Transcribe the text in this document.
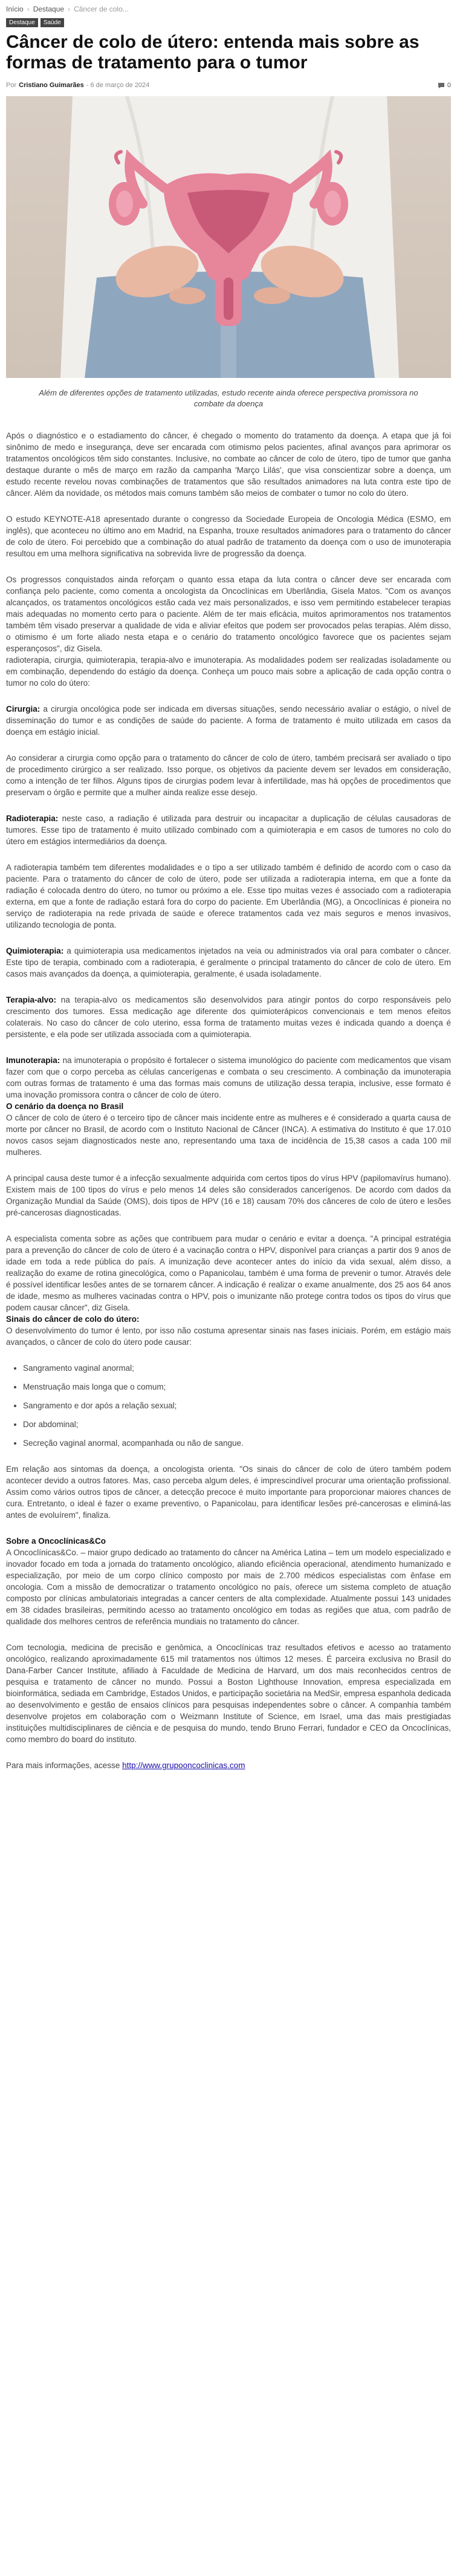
Início › Destaque › Câncer de colo...
Destaque	Saúde
Câncer de colo de útero: entenda mais sobre as formas de tratamento para o tumor
Por Cristiano Guimarães - 6 de março de 2024	0
Além de diferentes opções de tratamento utilizadas, estudo recente ainda oferece perspectiva promissora no combate da doença

Após o diagnóstico e o estadiamento do câncer, é chegado o momento do tratamento da doença. A etapa que já foi sinônimo de medo e insegurança, deve ser encarada com otimismo pelos pacientes, afinal avanços para aprimorar os tratamentos oncológicos têm sido constantes. Inclusive, no combate ao câncer de colo de útero, tipo de tumor que ganha destaque durante o mês de março em razão da campanha 'Março Lilás', que visa conscientizar sobre a doença, um estudo recente revelou novas combinações de tratamentos que são resultados animadores na luta contra este tipo de câncer. Além da novidade, os métodos mais comuns também são meios de combater o tumor no colo do útero.

O estudo KEYNOTE-A18 apresentado durante o congresso da Sociedade Europeia de Oncologia Médica (ESMO, em inglês), que aconteceu no último ano em Madrid, na Espanha, trouxe resultados animadores para o tratamento do câncer de colo de útero. Foi percebido que a combinação do atual padrão de tratamento da doença com o uso de imunoterapia resultou em uma melhora significativa na sobrevida livre de progressão da doença.

Os progressos conquistados ainda reforçam o quanto essa etapa da luta contra o câncer deve ser encarada com confiança pelo paciente, como comenta a oncologista da Oncoclínicas em Uberlândia, Gisela Matos. "Com os avanços alcançados, os tratamentos oncológicos estão cada vez mais personalizados, e isso vem permitindo estabelecer terapias mais adequadas no momento certo para o paciente. Além de ter mais eficácia, muitos aprimoramentos nos tratamentos também têm visado preservar a qualidade de vida e aliviar efeitos que podem ser provocados pelas terapias. Além disso, o otimismo é um forte aliado nesta etapa e o cenário do tratamento oncológico favorece que os pacientes sejam esperançosos", diz Gisela.
radioterapia, cirurgia, quimioterapia, terapia-alvo e imunoterapia. As modalidades podem ser realizadas isoladamente ou em combinação, dependendo do estágio da doença. Conheça um pouco mais sobre a aplicação de cada opção contra o tumor no colo do útero:

Cirurgia: a cirurgia oncológica pode ser indicada em diversas situações, sendo necessário avaliar o estágio, o nível de disseminação do tumor e as condições de saúde do paciente. A forma de tratamento é muito utilizada em casos da doença em estágio inicial.

Ao considerar a cirurgia como opção para o tratamento do câncer de colo de útero, também precisará ser avaliado o tipo de procedimento cirúrgico a ser realizado. Isso porque, os objetivos da paciente devem ser levados em consideração, como a intenção de ter filhos. Alguns tipos de cirurgias podem levar à infertilidade, mas há opções de procedimentos que preservam o órgão e permite que a mulher ainda realize esse desejo.

Radioterapia: neste caso, a radiação é utilizada para destruir ou incapacitar a duplicação de células causadoras de tumores. Esse tipo de tratamento é muito utilizado combinado com a quimioterapia e em casos de tumores no colo do útero em estágios intermediários da doença.

A radioterapia também tem diferentes modalidades e o tipo a ser utilizado também é definido de acordo com o caso da paciente. Para o tratamento do câncer de colo de útero, pode ser utilizada a radioterapia interna, em que a fonte da radiação é colocada dentro do útero, no tumor ou próximo a ele. Esse tipo muitas vezes é associado com a radioterapia externa, em que a fonte de radiação estará fora do corpo do paciente. Em Uberlândia (MG), a Oncoclínicas é pioneira no serviço de radioterapia na rede privada de saúde e oferece tratamentos cada vez mais seguros e menos invasivos, utilizando tecnologia de ponta.

Quimioterapia: a quimioterapia usa medicamentos injetados na veia ou administrados via oral para combater o câncer. Este tipo de terapia, combinado com a radioterapia, é geralmente o principal tratamento do câncer de colo de útero. Em casos mais avançados da doença, a quimioterapia, geralmente, é usada isoladamente.

Terapia-alvo: na terapia-alvo os medicamentos são desenvolvidos para atingir pontos do corpo responsáveis pelo crescimento dos tumores. Essa medicação age diferente dos quimioterápicos convencionais e tem menos efeitos colaterais. No caso do câncer de colo uterino, essa forma de tratamento muitas vezes é indicada quando a doença é persistente, e ela pode ser utilizada associada com a quimioterapia.

Imunoterapia: na imunoterapia o propósito é fortalecer o sistema imunológico do paciente com medicamentos que visam fazer com que o corpo perceba as células cancerígenas e combata o seu crescimento. A combinação da imunoterapia com outras formas de tratamento é uma das formas mais comuns de utilização dessa terapia, inclusive, esse formato é uma inovação promissora contra o câncer de colo de útero.

O cenário da doença no Brasil

O câncer de colo de útero é o terceiro tipo de câncer mais incidente entre as mulheres e é considerado a quarta causa de morte por câncer no Brasil, de acordo com o Instituto Nacional de Câncer (INCA). A estimativa do Instituto é que 17.010 novos casos sejam diagnosticados neste ano, representando uma taxa de incidência de 15,38 casos a cada 100 mil mulheres.

A principal causa deste tumor é a infecção sexualmente adquirida com certos tipos do vírus HPV (papilomavírus humano). Existem mais de 100 tipos do vírus e pelo menos 14 deles são considerados cancerígenos. De acordo com dados da Organização Mundial da Saúde (OMS), dois tipos de HPV (16 e 18) causam 70% dos cânceres de colo de útero e lesões pré-cancerosas diagnosticadas.

A especialista comenta sobre as ações que contribuem para mudar o cenário e evitar a doença. "A principal estratégia para a prevenção do câncer de colo de útero é a vacinação contra o HPV, disponível para crianças a partir dos 9 anos de idade em toda a rede pública do país. A imunização deve acontecer antes do início da vida sexual, além disso, a realização do exame de rotina ginecológica, como o Papanicolau, também é uma forma de prevenir o tumor. Através dele é possível identificar lesões antes de se tornarem câncer. A indicação é realizar o exame anualmente, dos 25 aos 64 anos de idade, mesmo as mulheres vacinadas contra o HPV, pois o imunizante não protege contra todos os tipos do vírus que podem causar câncer", diz Gisela.

Sinais do câncer de colo do útero:

O desenvolvimento do tumor é lento, por isso não costuma apresentar sinais nas fases iniciais. Porém, em estágio mais avançados, o câncer de colo do útero pode causar:

• Sangramento vaginal anormal;
• Menstruação mais longa que o comum;
• Sangramento e dor após a relação sexual;
• Dor abdominal;
• Secreção vaginal anormal, acompanhada ou não de sangue.

Em relação aos sintomas da doença, a oncologista orienta. "Os sinais do câncer de colo de útero também podem acontecer devido a outros fatores. Mas, caso perceba algum deles, é imprescindível procurar uma orientação profissional. Assim como vários outros tipos de câncer, a detecção precoce é muito importante para proporcionar maiores chances de cura. Entretanto, o ideal é fazer o exame preventivo, o Papanicolau, para identificar lesões pré-cancerosas e eliminá-las antes de evoluírem", finaliza.

Sobre a Oncoclínicas&Co

A Oncoclínicas&Co. – maior grupo dedicado ao tratamento do câncer na América Latina – tem um modelo especializado e inovador focado em toda a jornada do tratamento oncológico, aliando eficiência operacional, atendimento humanizado e especialização, por meio de um corpo clínico composto por mais de 2.700 médicos especialistas com ênfase em oncologia. Com a missão de democratizar o tratamento oncológico no país, oferece um sistema completo de atuação composto por clínicas ambulatoriais integradas a cancer centers de alta complexidade. Atualmente possui 143 unidades em 38 cidades brasileiras, permitindo acesso ao tratamento oncológico em todas as regiões que atua, com padrão de qualidade dos melhores centros de referência mundiais no tratamento do câncer.

Com tecnologia, medicina de precisão e genômica, a Oncoclínicas traz resultados efetivos e acesso ao tratamento oncológico, realizando aproximadamente 615 mil tratamentos nos últimos 12 meses. É parceira exclusiva no Brasil do Dana-Farber Cancer Institute, afiliado à Faculdade de Medicina de Harvard, um dos mais reconhecidos centros de pesquisa e tratamento de câncer no mundo. Possui a Boston Lighthouse Innovation, empresa especializada em bioinformática, sediada em Cambridge, Estados Unidos, e participação societária na MedSir, empresa espanhola dedicada ao desenvolvimento e gestão de ensaios clínicos para pesquisas independentes sobre o câncer. A companhia também desenvolve projetos em colaboração com o Weizmann Institute of Science, em Israel, uma das mais prestigiadas instituições multidisciplinares de ciência e de pesquisa do mundo, tendo Bruno Ferrari, fundador e CEO da Oncoclínicas, como membro do board do instituto.

Para mais informações, acesse http://www.grupooncoclinicas.com
